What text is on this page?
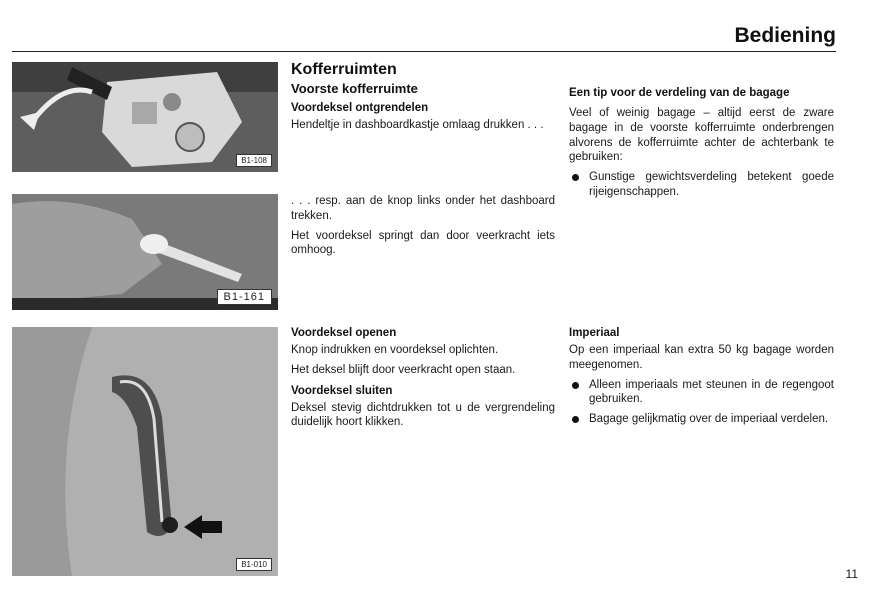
Bediening
B1-108
B1-161
B1-010
Kofferruimten
Voorste kofferruimte
Voordeksel ontgrendelen

Hendeltje in dashboardkastje omlaag drukken . . .

. . . resp. aan de knop links onder het dashboard trekken.

Het voordeksel springt dan door veerkracht iets omhoog.

Voordeksel openen

Knop indrukken en voordeksel oplichten.

Het deksel blijft door veerkracht open staan.

Voordeksel sluiten

Deksel stevig dichtdrukken tot u de vergrendeling duidelijk hoort klikken.

Een tip voor de verdeling van de bagage

Veel of weinig bagage – altijd eerst de zware bagage in de voorste kofferruimte onderbrengen alvorens de kofferruimte achter de achterbank te gebruiken:

Gunstige gewichtsverdeling betekent goede rijeigenschappen.
Imperiaal

Op een imperiaal kan extra 50 kg bagage worden meegenomen.

Alleen imperiaals met steunen in de regengoot gebruiken.
Bagage gelijkmatig over de imperiaal verdelen.
11
